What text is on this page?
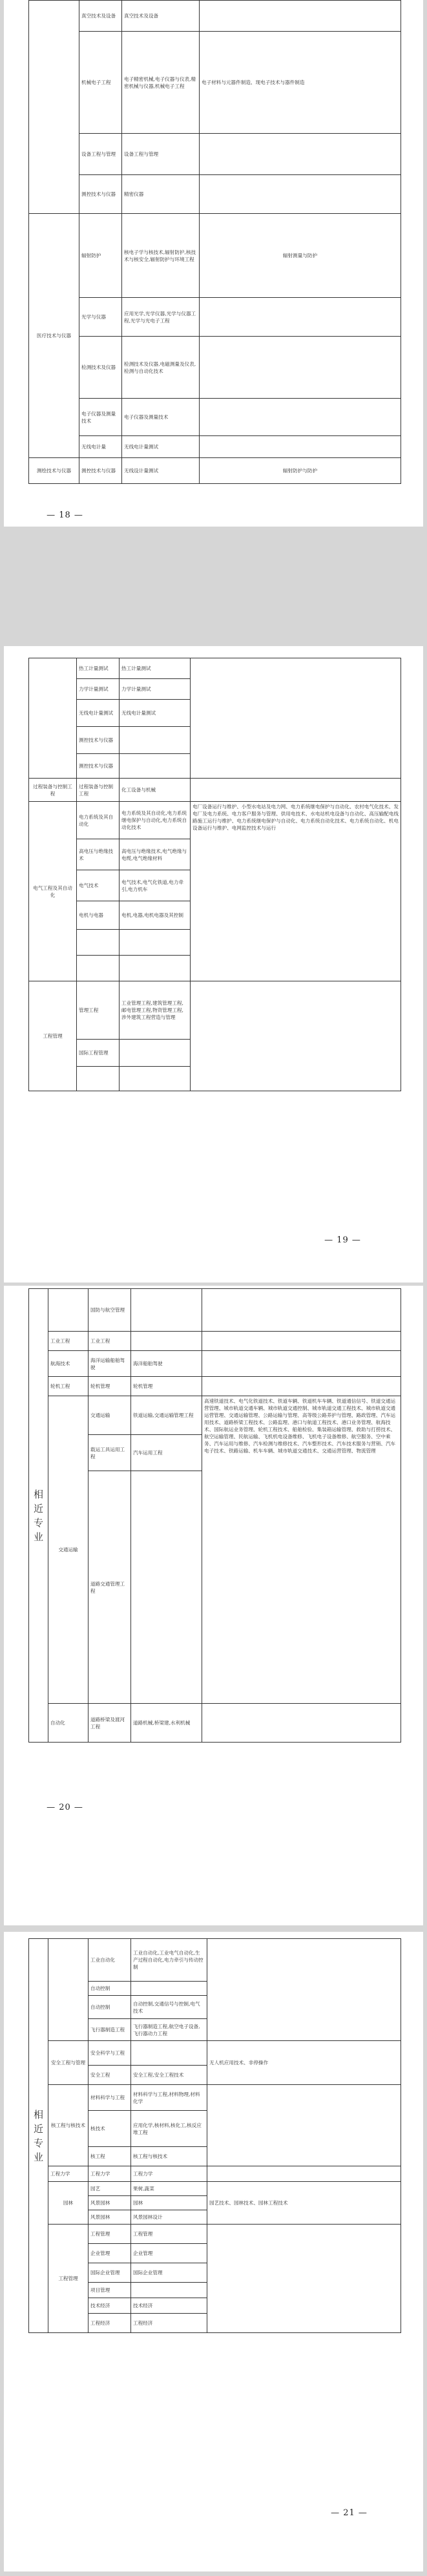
	真空技术及设备	真空技术及设备	
	机械电子工程	电子精密机械,电子仪器与仪表,精密机械与仪器,机械电子工程	电子材料与元器件制造、现电子技术与器件制造
	设备工程与管理	设备工程与管理	
	测控技术与仪器	精密仪器	
医疗技术与仪器	辐射防护	核电子学与核技术,辐射防护,核技术与核安全,辐射防护与环境工程	辐射测量与防护
	光学与仪器	应用光学,光学仪器,光学与仪器工程,光学与光电子工程	
	检测技术及仪器	检测技术及仪器,电磁测量及仪表,检测与自动化技术	
	电子仪器及测量技术	电子仪器及测量技术	
	无线电计量	无线电计量测试	
测绘技术与仪器	测控技术与仪器	无线设计量测试	辐射防护与防护
— 18 —
	热工计量测试	热工计量测试	
	力学计量测试	力学计量测试	
	无线电计量测试	无线电计量测试	
	测控技术与仪器		
	测控技术与仪器		
过程装备与控制工程	过程装备与控制工程	化工设备与机械	
电气工程及其自动化	电力系统及其自动化	电力系统及其自动化,电力系统继电保护与自动化,电力系统自动化技术	电厂设备运行与维护、小型水电站及电力网、电力系统继电保护与自动化、农村电气化技术、发电厂及电力系统、电力客户服务与管理、供用电技术、水电站机电设备与自动化、高压输配电线路施工运行与维护、电力系统继电保护与自动化、电力系统自动化技术、电力系统自动化、机电设备运行与维护、电网监控技术与运行
	高电压与绝缘技术	高电压与绝缘技术,电气绝缘与电缆,电气绝缘材料	
	电气技术	电气技术,电气化铁道,电力牵引,电力机车	
	电机与电器	电机,电器,电机电器及其控制	

工程管理	管理工程	工业管理工程,建筑管理工程,邮电管理工程,物资管理工程,涉外建筑工程营造与管理	
	国际工程管理		

— 19 —
相近专业		国防与航空管理		
	工业工程	工业工程		
	航海技术	海洋运输船舶驾驶	海洋船舶驾驶	
	轮机工程	轮机管理	轮机管理	
	交通运输	交通运输	铁道运输,交通运输管理工程	高速铁道技术、电气化铁道技术、铁道车辆、铁道机车车辆、铁道通信信号、铁道交通运营管理、城市轨道交通车辆、城市轨道交通控制、城市轨道交通工程技术、城市轨道交通运营管理、交通运输管理、公路运输与管理、高等级公路养护与管理、路政管理、汽车运用技术、道路桥梁工程技术、公路监理、港口与航道工程技术、港口业务管理、航海技术、国际航运业务管理、轮机工程技术、船舶检验、集装箱运输管理、救助与打捞技术、航空运输管理、民航运输、飞机机电设备维修、飞机电子设备维修、航空服务、空中乘务、汽车运用与维修、汽车检测与维修技术、汽车整形技术、汽车技术服务与营销、汽车电子技术、铁路运输、机车车辆、城市轨道交通技术、交通运营管理、物流管理
		载运工具运用工程	汽车运用工程	
		道路交通管理工程		
	自动化	道路桥梁及渡河工程	道路机械,桥梁建,水利机械	
— 20 —
相近专业		工业自动化	工业自动化,工业电气自动化,生产过程自动化,电力牵引与传动控制	
		自动控制		
		自动控制	自动控制,交通信号与控制,电气技术	
		飞行器制造工程	飞行器制造工程,航空电子设备,飞行器动力工程	
	安全工程与管理	安全科学与工程		无人机应用技术、非停操作
		安全工程	安全工程,安全工程技术	
	核工程与核技术	材料科学与工程	材料科学与工程,材料物理,材料化学	
		核技术	应用化学,核材料,核化工,核反应堆工程	
		核工程	核工程与核技术	
	工程力学	工程力学	工程力学	
	园林	园艺	果树,蔬菜	园艺技术、园林技术、园林工程技术
		风景园林	园林	
		风景园林	风景园林设计	
	工程管理	工程管理	工程管理	
		企业管理	企业管理	
		国际企业管理	国际企业管理	
		项目管理		
		技术经济	技术经济	
		工程经济	工程经济	
— 21 —
